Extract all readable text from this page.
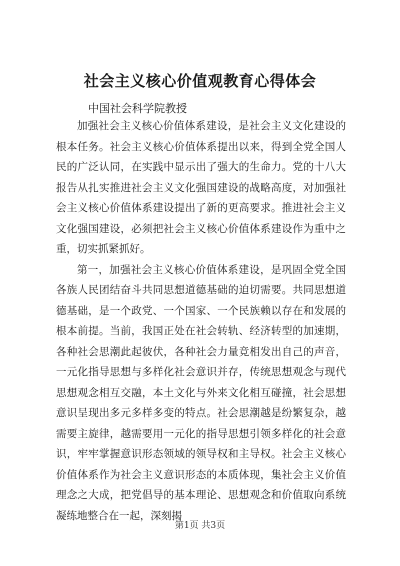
社会主义核心价值观教育心得体会
中国社会科学院教授

加强社会主义核心价值体系建设，是社会主义文化建设的根本任务。社会主义核心价值体系提出以来，得到全党全国人民的广泛认同，在实践中显示出了强大的生命力。党的十八大报告从扎实推进社会主义文化强国建设的战略高度，对加强社会主义核心价值体系建设提出了新的更高要求。推进社会主义文化强国建设，必须把社会主义核心价值体系建设作为重中之重，切实抓紧抓好。

第一，加强社会主义核心价值体系建设，是巩固全党全国各族人民团结奋斗共同思想道德基础的迫切需要。共同思想道德基础，是一个政党、一个国家、一个民族赖以存在和发展的根本前提。当前，我国正处在社会转轨、经济转型的加速期，各种社会思潮此起彼伏，各种社会力量竞相发出自己的声音，一元化指导思想与多样化社会意识并存，传统思想观念与现代思想观念相互交融，本土文化与外来文化相互碰撞，社会思想意识呈现出多元多样多变的特点。社会思潮越是纷繁复杂，越需要主旋律，越需要用一元化的指导思想引领多样化的社会意识，牢牢掌握意识形态领域的领导权和主导权。社会主义核心价值体系作为社会主义意识形态的本质体现，集社会主义价值理念之大成，把党倡导的基本理论、思想观念和价值取向系统凝练地整合在一起，深刻揭

第1页 共3页
